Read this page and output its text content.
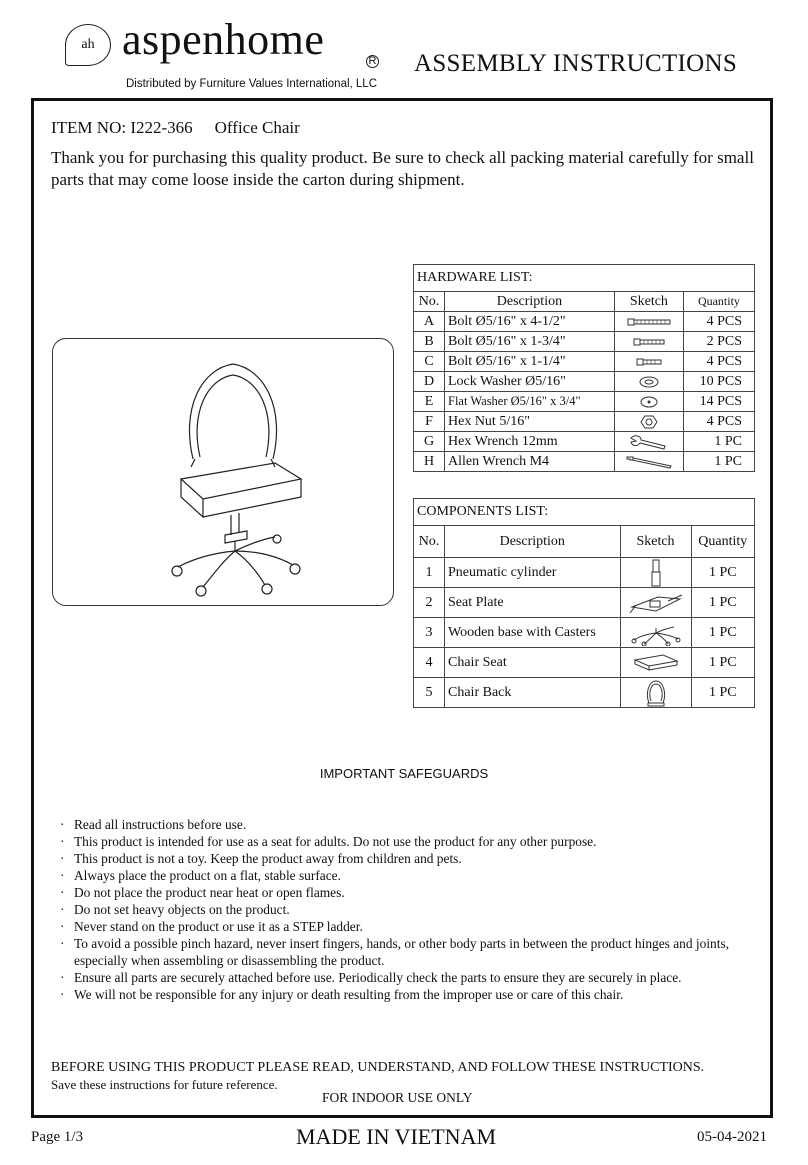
ah aspenhome	R
Distributed by Furniture Values International, LLC
ASSEMBLY INSTRUCTIONS
ITEM NO: I222-366 Office Chair
Thank you for purchasing this quality product. Be sure to check all packing material carefully for small parts that may come loose inside the carton during shipment.
HARDWARE LIST:			
No.	Description	Sketch	Quantity
A	Bolt Ø5/16" x 4-1/2"		4 PCS
B	Bolt Ø5/16" x 1-3/4"		2 PCS
C	Bolt Ø5/16" x 1-1/4"		4 PCS
D	Lock Washer Ø5/16"		10 PCS
E	Flat Washer Ø5/16" x 3/4"		14 PCS
F	Hex Nut 5/16"		4 PCS
G	Hex Wrench 12mm		1 PC
H	Allen Wrench M4		1 PC
COMPONENTS LIST:			
No.	Description	Sketch	Quantity
1	Pneumatic cylinder		1 PC
2	Seat Plate		1 PC
3	Wooden base with Casters		1 PC
4	Chair Seat		1 PC
5	Chair Back		1 PC
IMPORTANT SAFEGUARDS
· Read all instructions before use.
· This product is intended for use as a seat for adults. Do not use the product for any other purpose.
· This product is not a toy. Keep the product away from children and pets.
· Always place the product on a flat, stable surface.
· Do not place the product near heat or open flames.
· Do not set heavy objects on the product.
· Never stand on the product or use it as a STEP ladder.
· To avoid a possible pinch hazard, never insert fingers, hands, or other body parts in between the product hinges and joints, especially when assembling or disassembling the product.
· Ensure all parts are securely attached before use. Periodically check the parts to ensure they are securely in place.
· We will not be responsible for any injury or death resulting from the improper use or care of this chair.
BEFORE USING THIS PRODUCT PLEASE READ, UNDERSTAND, AND FOLLOW THESE INSTRUCTIONS.
Save these instructions for future reference.
FOR INDOOR USE ONLY
Page 1/3	MADE IN VIETNAM	05-04-2021
